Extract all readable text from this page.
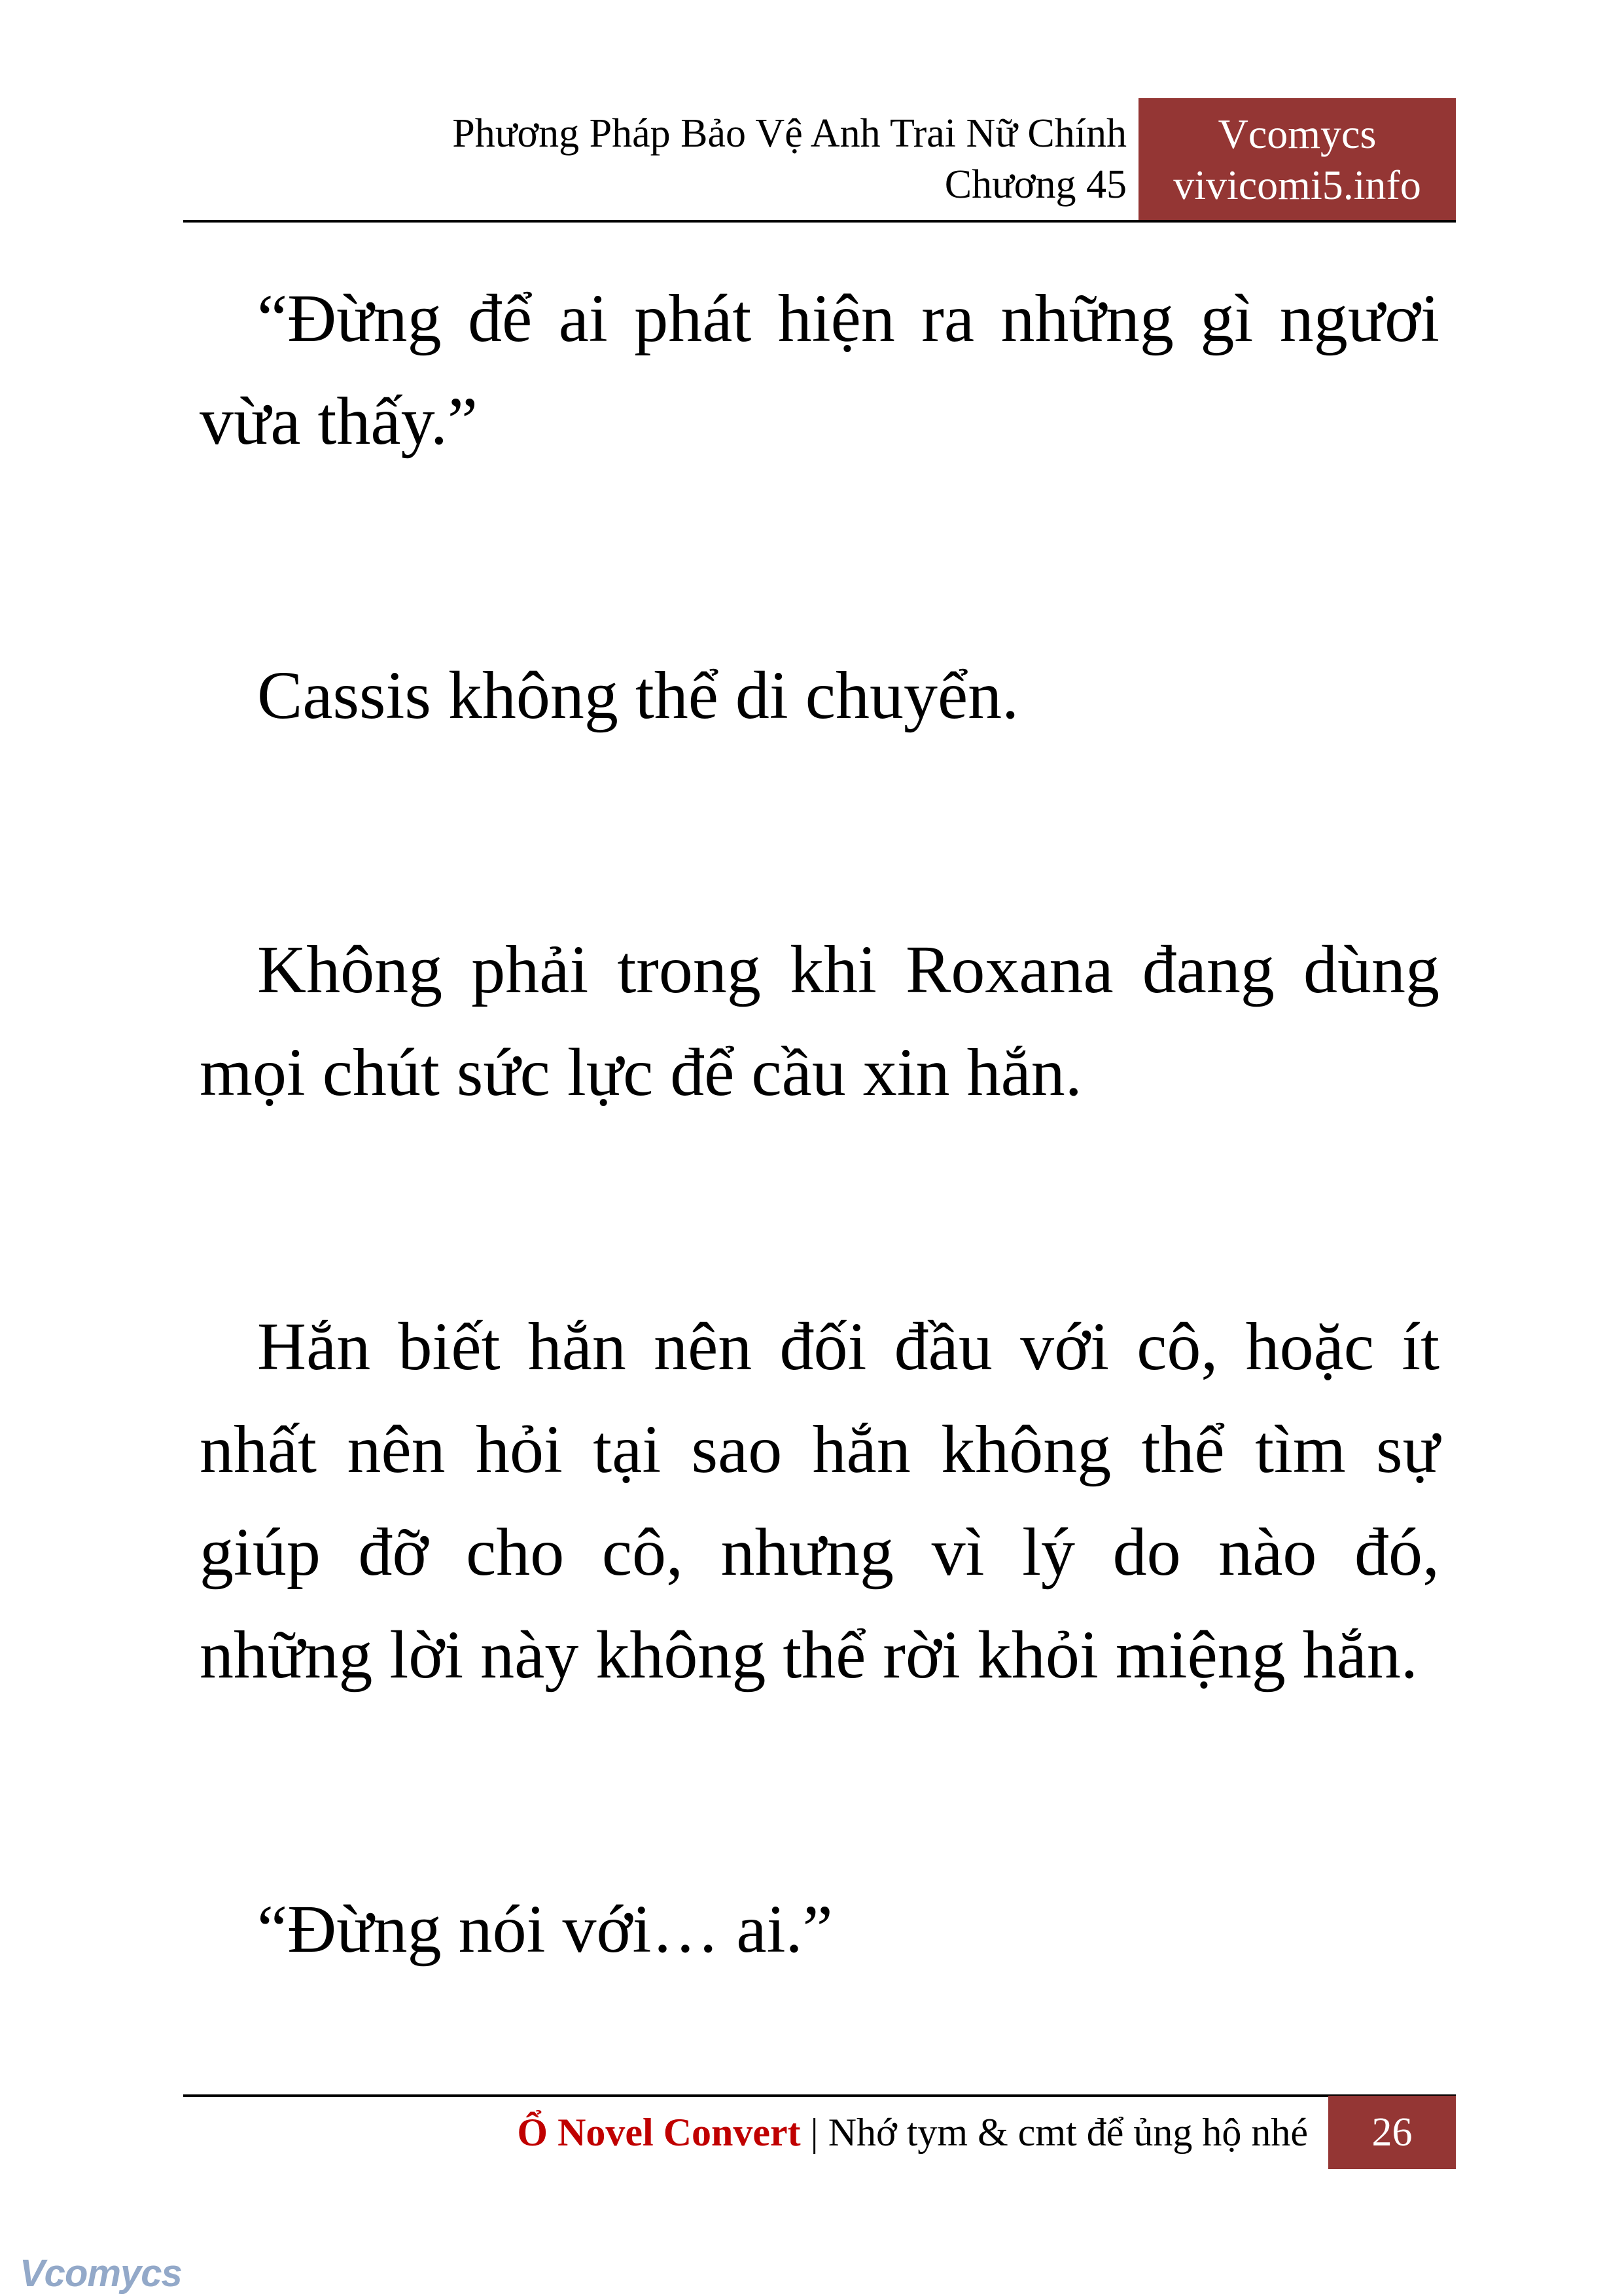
Phương Pháp Bảo Vệ Anh Trai Nữ Chính
Chương 45
Vcomycs
vivicomi5.info

“Đừng để ai phát hiện ra những gì ngươi vừa thấy.”

Cassis không thể di chuyển.

Không phải trong khi Roxana đang dùng mọi chút sức lực để cầu xin hắn.

Hắn biết hắn nên đối đầu với cô, hoặc ít nhất nên hỏi tại sao hắn không thể tìm sự giúp đỡ cho cô, nhưng vì lý do nào đó, những lời này không thể rời khỏi miệng hắn.

“Đừng nói với… ai.”

Ổ Novel Convert | Nhớ tym & cmt để ủng hộ nhé	26
Vcomycs
